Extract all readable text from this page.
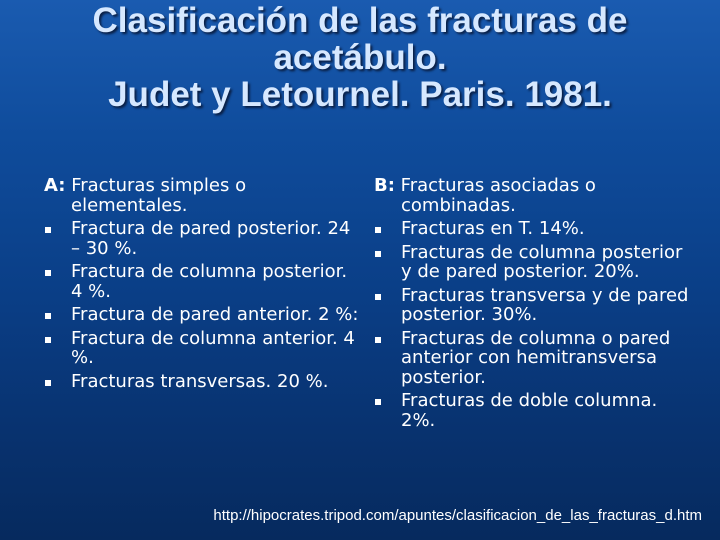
Clasificación de las fracturas de
acetábulo.
Judet y Letournel. Paris. 1981.
A: Fracturas simples o elementales.
Fractura de pared posterior. 24 – 30 %.
Fractura de columna posterior. 4 %.
Fractura de pared anterior. 2 %:
Fractura de columna anterior. 4 %.
Fracturas transversas. 20 %.
B: Fracturas asociadas o combinadas.
Fracturas en T. 14%.
Fracturas de columna posterior y de pared posterior. 20%.
Fracturas transversa y de pared posterior. 30%.
Fracturas de columna o pared anterior con hemitransversa posterior.
Fracturas de doble columna. 2%.
http://hipocrates.tripod.com/apuntes/clasificacion_de_las_fracturas_d.htm
